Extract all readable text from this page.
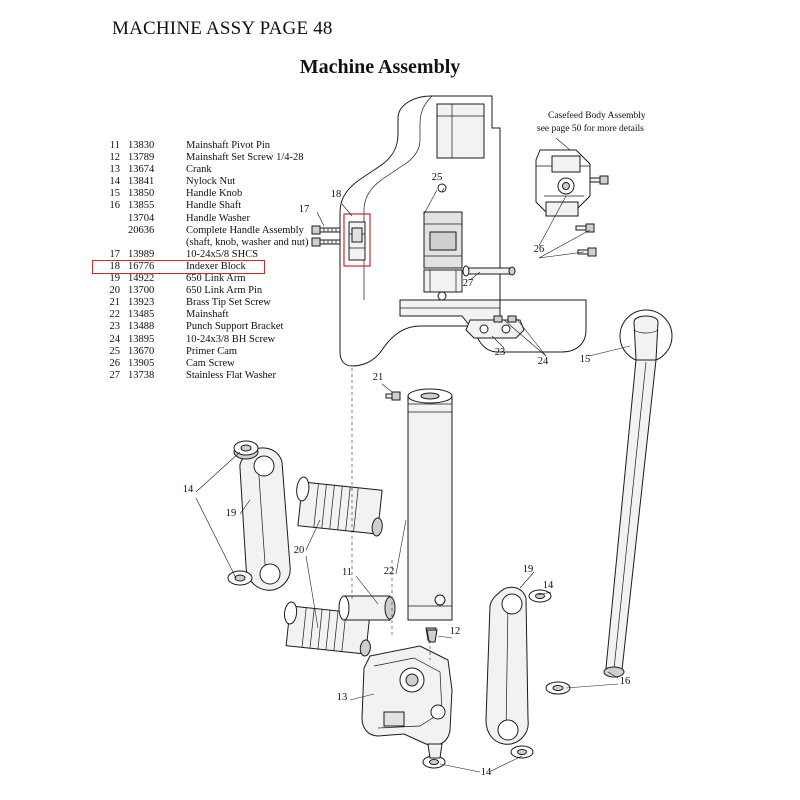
MACHINE ASSY PAGE 48
Machine Assembly
11 13830	Mainshaft Pivot Pin
12 13789	Mainshaft Set Screw 1/4-28
13 13674	Crank
14 13841	Nylock Nut
15 13850	Handle Knob
16 13855	Handle Shaft
13704	Handle Washer
20636	Complete Handle Assembly
(shaft, knob, washer and nut)
17 13989	10-24x5/8 SHCS
18 16776	Indexer Block
19 14922	650 Link Arm
20 13700	650 Link Arm Pin
21 13923	Brass Tip Set Screw
22 13485	Mainshaft
23 13488	Punch Support Bracket
24 13895	10-24x3/8 BH Screw
25 13670	Primer Cam
26 13905	Cam Screw
27 13738	Stainless Flat Washer
11
12
13
14
14
14
15
16
17
18
19
19
20
21
22
23
24
25
26
27
Casefeed Body Assembly
see page 50 for more details
